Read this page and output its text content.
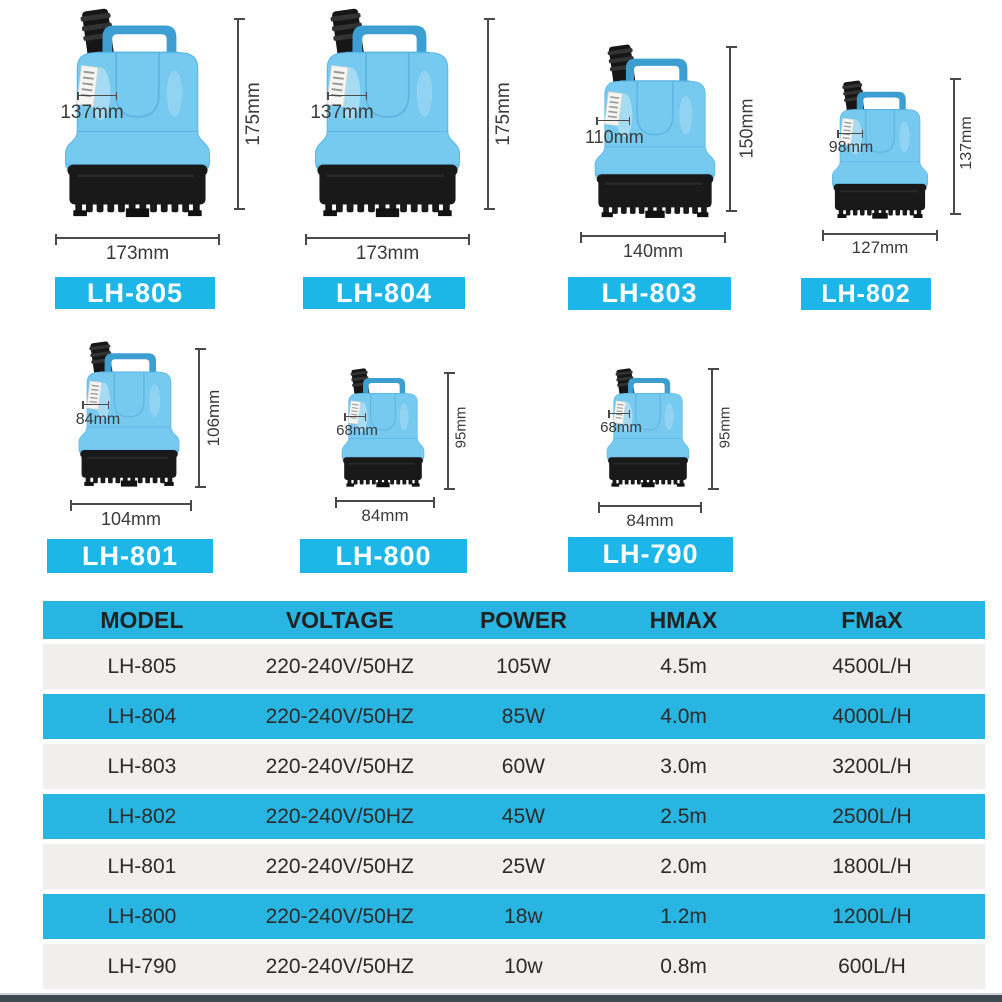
137mm	175mm
173mm
LH-805
137mm	175mm
173mm
LH-804
110mm	150mm
140mm
LH-803
98mm	137mm
127mm
LH-802
84mm	106mm
104mm
LH-801
68mm	95mm
84mm
LH-800
68mm	95mm
84mm
LH-790
MODEL	VOLTAGE	POWER	HMAX	FMaX
LH-805	220-240V/50HZ	105W	4.5m	4500L/H
LH-804	220-240V/50HZ	85W	4.0m	4000L/H
LH-803	220-240V/50HZ	60W	3.0m	3200L/H
LH-802	220-240V/50HZ	45W	2.5m	2500L/H
LH-801	220-240V/50HZ	25W	2.0m	1800L/H
LH-800	220-240V/50HZ	18w	1.2m	1200L/H
LH-790	220-240V/50HZ	10w	0.8m	600L/H
